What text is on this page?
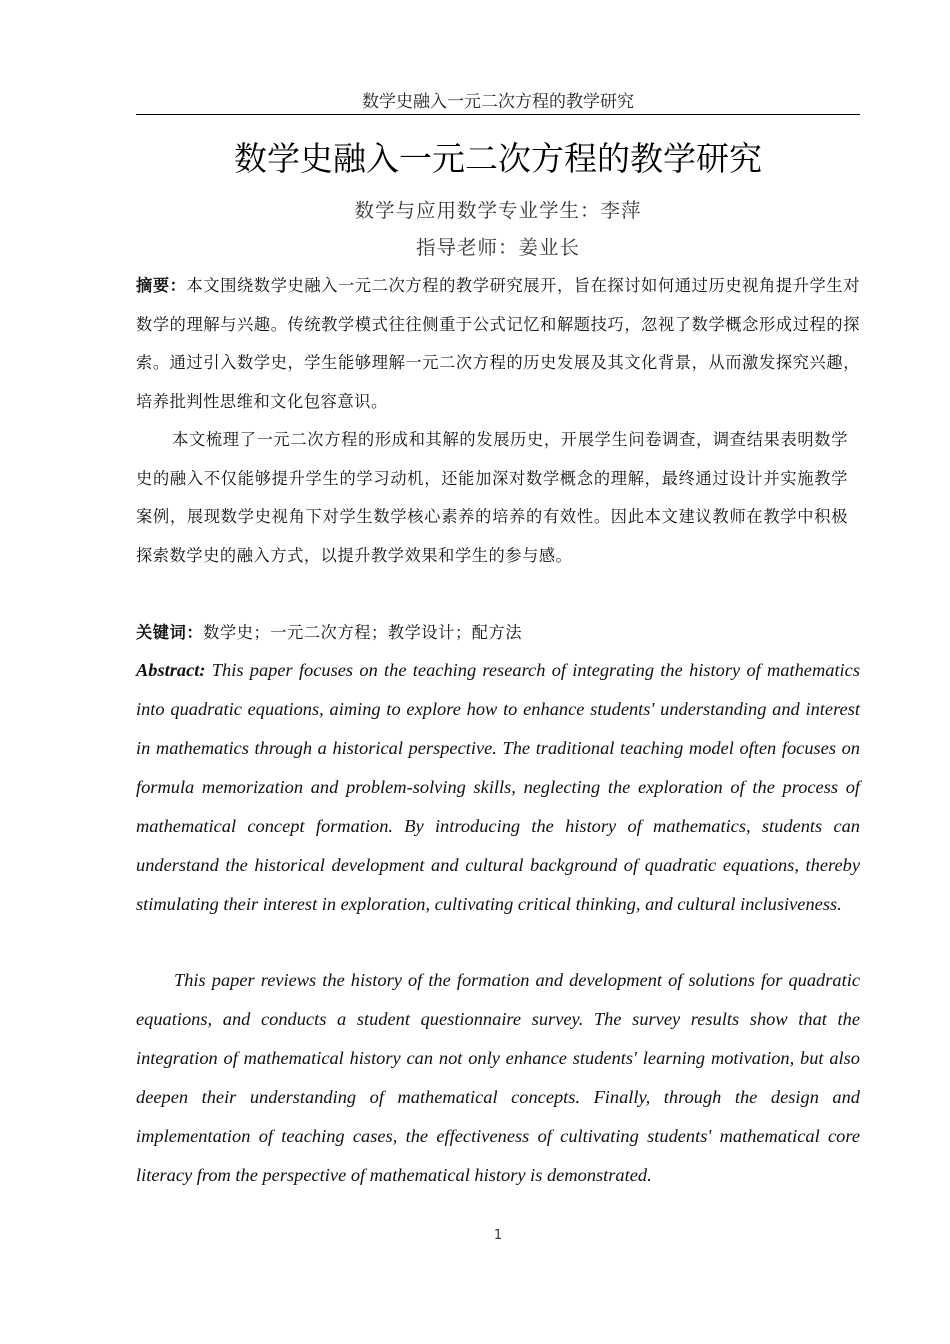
数学史融入一元二次方程的教学研究
数学史融入一元二次方程的教学研究
数学与应用数学专业学生：李萍
指导老师：姜业长
摘要：本文围绕数学史融入一元二次方程的教学研究展开，旨在探讨如何通过历史视角提升学生对数学的理解与兴趣。传统教学模式往往侧重于公式记忆和解题技巧，忽视了数学概念形成过程的探索。通过引入数学史，学生能够理解一元二次方程的历史发展及其文化背景，从而激发探究兴趣，培养批判性思维和文化包容意识。
本文梳理了一元二次方程的形成和其解的发展历史，开展学生问卷调查，调查结果表明数学史的融入不仅能够提升学生的学习动机，还能加深对数学概念的理解，最终通过设计并实施教学案例，展现数学史视角下对学生数学核心素养的培养的有效性。因此本文建议教师在教学中积极探索数学史的融入方式，以提升教学效果和学生的参与感。
关键词：数学史；一元二次方程；教学设计；配方法
Abstract: This paper focuses on the teaching research of integrating the history of mathematics into quadratic equations, aiming to explore how to enhance students' understanding and interest in mathematics through a historical perspective. The traditional teaching model often focuses on formula memorization and problem-solving skills, neglecting the exploration of the process of mathematical concept formation. By introducing the history of mathematics, students can understand the historical development and cultural background of quadratic equations, thereby stimulating their interest in exploration, cultivating critical thinking, and cultural inclusiveness.
This paper reviews the history of the formation and development of solutions for quadratic equations, and conducts a student questionnaire survey. The survey results show that the integration of mathematical history can not only enhance students' learning motivation, but also deepen their understanding of mathematical concepts. Finally, through the design and implementation of teaching cases, the effectiveness of cultivating students' mathematical core literacy from the perspective of mathematical history is demonstrated.
1
